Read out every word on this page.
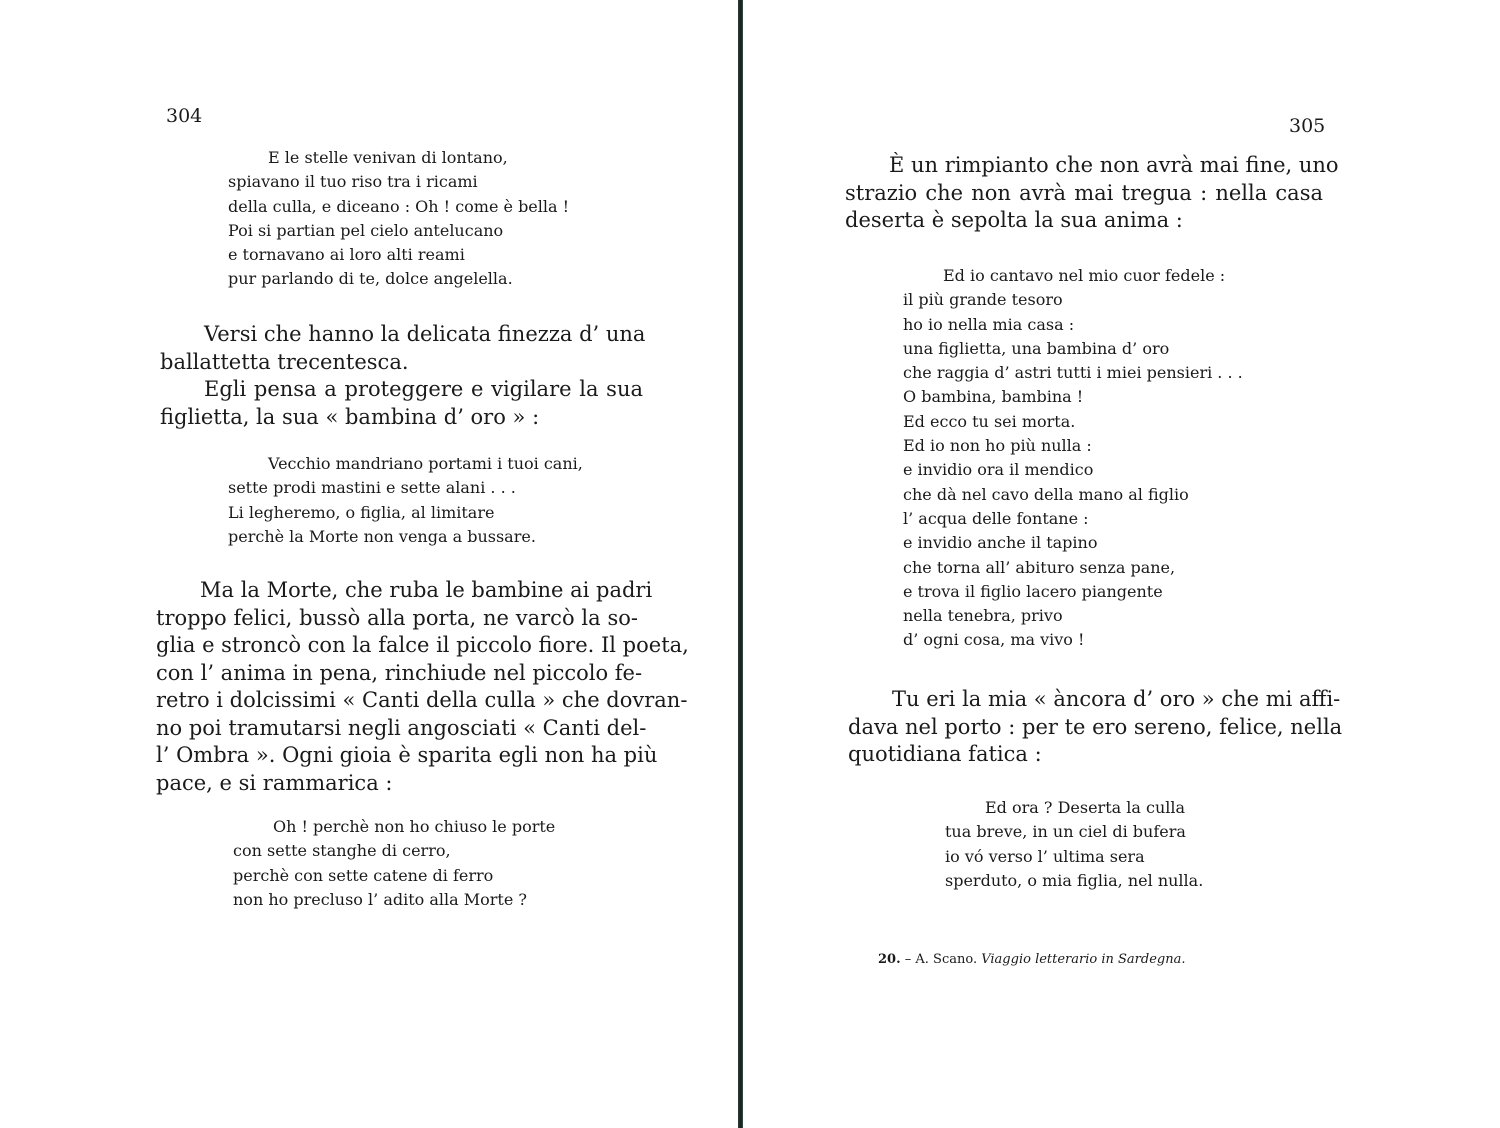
304
E le stelle venivan di lontano,
spiavano il tuo riso tra i ricami
della culla, e diceano : Oh ! come è bella !
Poi si partian pel cielo antelucano
e tornavano ai loro alti reami
pur parlando di te, dolce angelella.
Versi che hanno la delicata finezza d’ una
ballattetta trecentesca.
Egli pensa a proteggere e vigilare la sua
figlietta, la sua « bambina d’ oro » :
Vecchio mandriano portami i tuoi cani,
sette prodi mastini e sette alani . . .
Li legheremo, o figlia, al limitare
perchè la Morte non venga a bussare.
Ma la Morte, che ruba le bambine ai padri
troppo felici, bussò alla porta, ne varcò la so-
glia e stroncò con la falce il piccolo fiore. Il poeta,
con l’ anima in pena, rinchiude nel piccolo fe-
retro i dolcissimi « Canti della culla » che dovran-
no poi tramutarsi negli angosciati « Canti del-
l’ Ombra ». Ogni gioia è sparita egli non ha più
pace, e si rammarica :
Oh ! perchè non ho chiuso le porte
con sette stanghe di cerro,
perchè con sette catene di ferro
non ho precluso l’ adito alla Morte ?
305
È un rimpianto che non avrà mai fine, uno
strazio che non avrà mai tregua : nella casa
deserta è sepolta la sua anima :
Ed io cantavo nel mio cuor fedele :
il più grande tesoro
ho io nella mia casa :
una figlietta, una bambina d’ oro
che raggia d’ astri tutti i miei pensieri . . .
O bambina, bambina !
Ed ecco tu sei morta.
Ed io non ho più nulla :
e invidio ora il mendico
che dà nel cavo della mano al figlio
l’ acqua delle fontane :
e invidio anche il tapino
che torna all’ abituro senza pane,
e trova il figlio lacero piangente
nella tenebra, privo
d’ ogni cosa, ma vivo !
Tu eri la mia « àncora d’ oro » che mi affi-
dava nel porto : per te ero sereno, felice, nella
quotidiana fatica :
Ed ora ? Deserta la culla
tua breve, in un ciel di bufera
io vó verso l’ ultima sera
sperduto, o mia figlia, nel nulla.
20. – A. Scano. Viaggio letterario in Sardegna.
